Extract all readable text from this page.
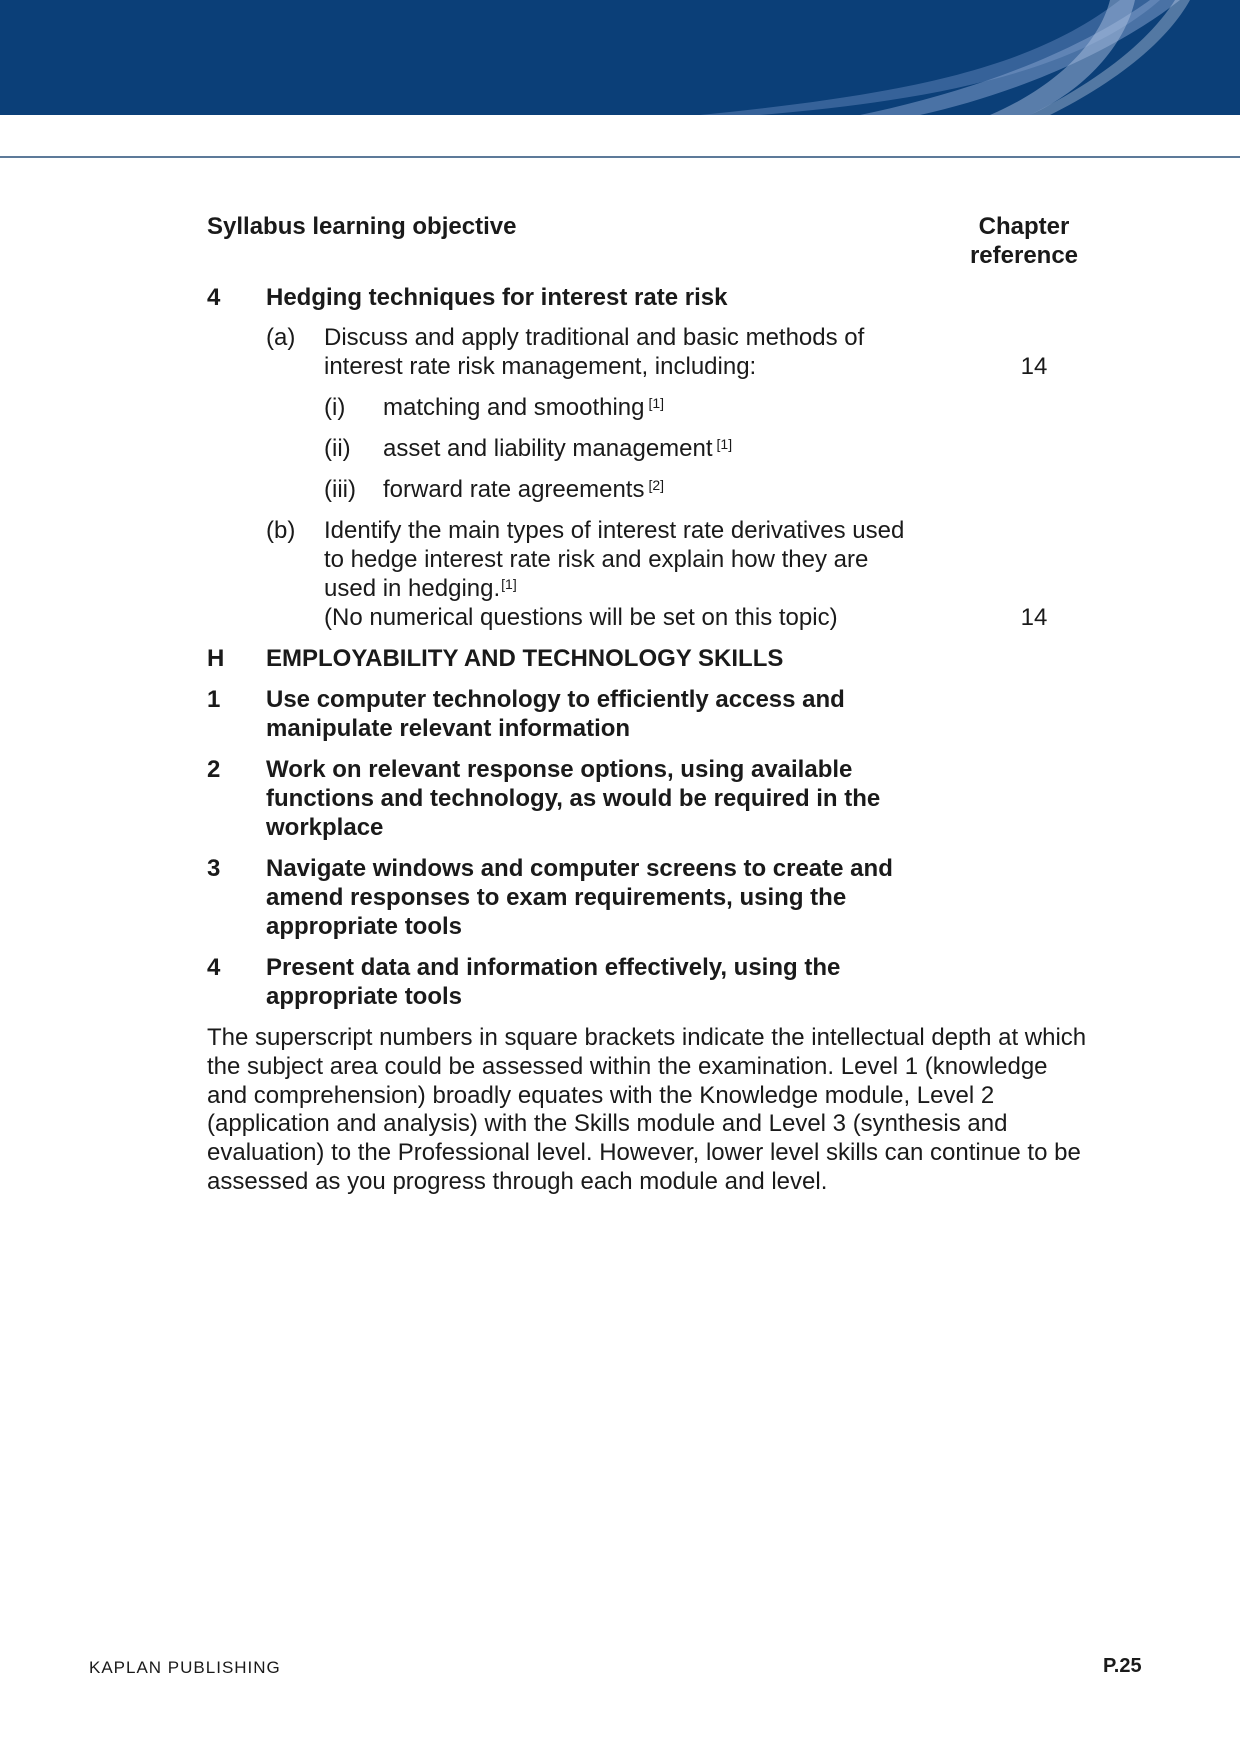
Syllabus learning objective	Chapter
reference
4 Hedging techniques for interest rate risk
(a) Discuss and apply traditional and basic methods of
interest rate risk management, including:	14
(i) matching and smoothing [1]
(ii) asset and liability management [1]
(iii) forward rate agreements [2]
(b) Identify the main types of interest rate derivatives used
to hedge interest rate risk and explain how they are
used in hedging.[1]
(No numerical questions will be set on this topic)	14
H EMPLOYABILITY AND TECHNOLOGY SKILLS
1 Use computer technology to efficiently access and
manipulate relevant information
2 Work on relevant response options, using available
functions and technology, as would be required in the
workplace
3 Navigate windows and computer screens to create and
amend responses to exam requirements, using the
appropriate tools
4 Present data and information effectively, using the
appropriate tools
The superscript numbers in square brackets indicate the intellectual depth at which the subject area could be assessed within the examination. Level 1 (knowledge and comprehension) broadly equates with the Knowledge module, Level 2 (application and analysis) with the Skills module and Level 3 (synthesis and evaluation) to the Professional level. However, lower level skills can continue to be assessed as you progress through each module and level.
KAPLAN PUBLISHING	P.25
